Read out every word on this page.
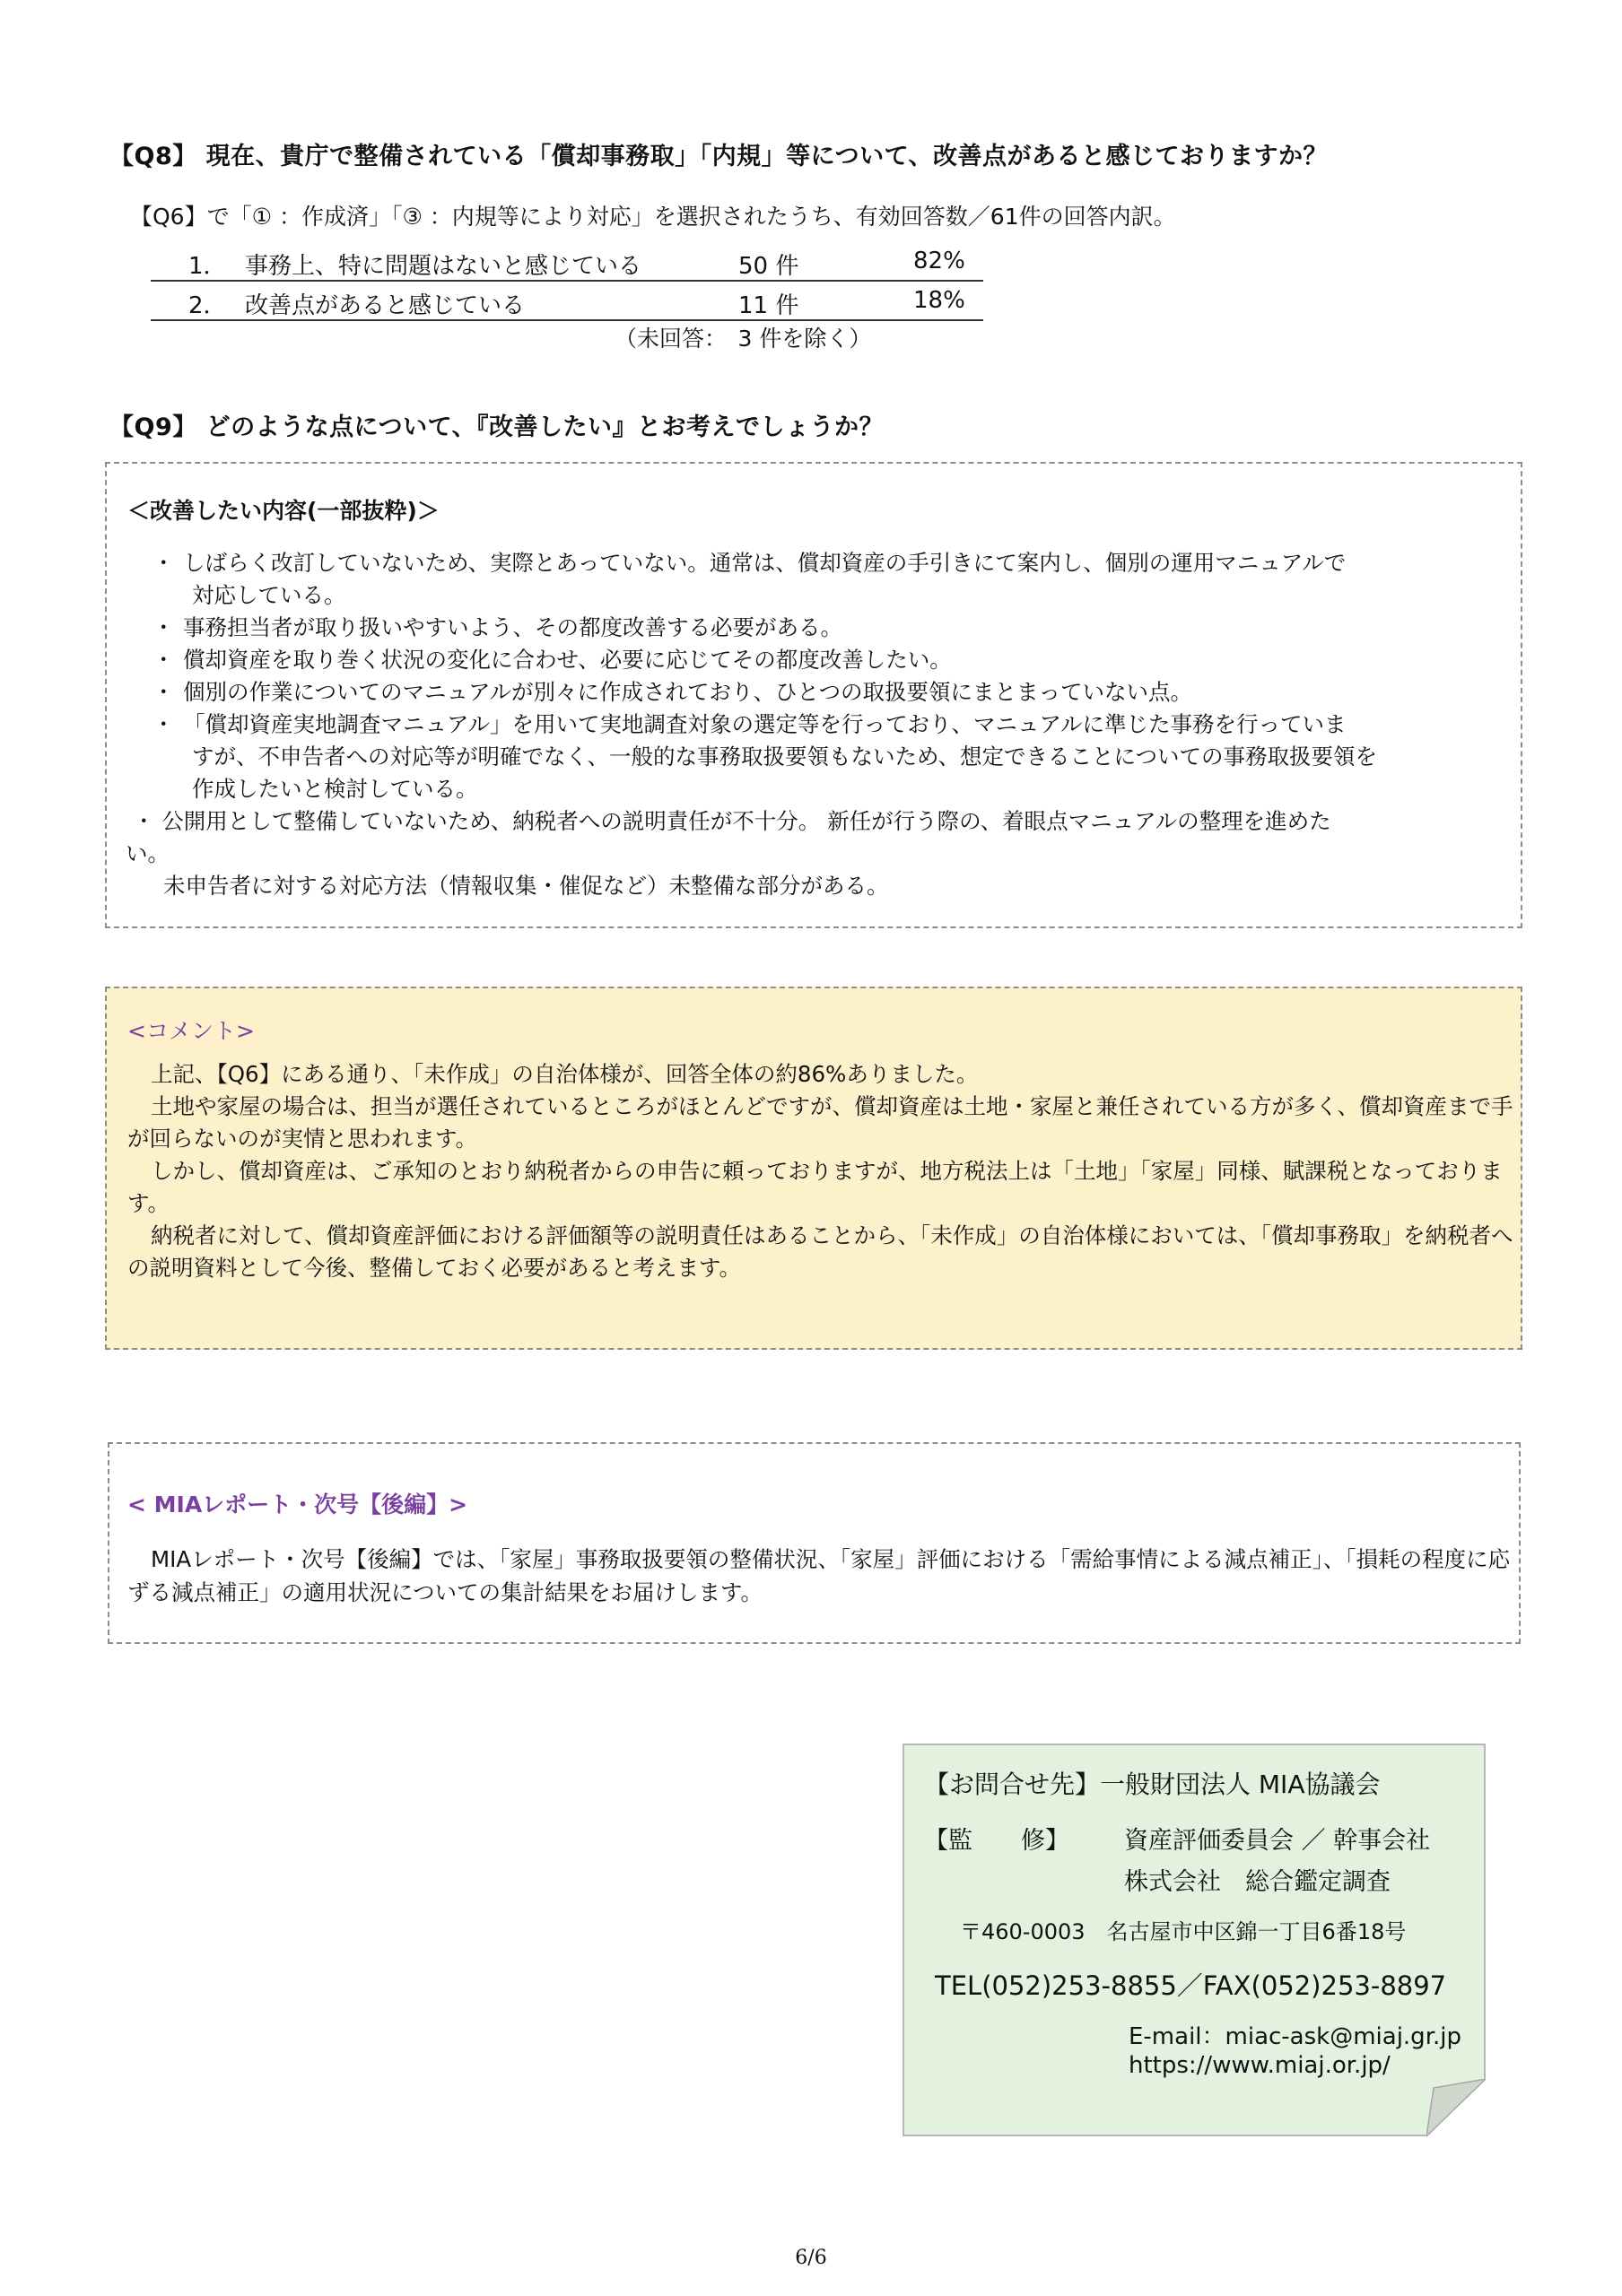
【Q8】 現在、貴庁で整備されている「償却事務取」「内規」等について、改善点があると感じておりますか？
【Q6】で「① ：作成済」「③ ：内規等により対応」を選択されたうち、有効回答数／61件の回答内訳。
1． 事務上、特に問題はないと感じている	50 件	82%
2． 改善点があると感じている	11 件	18%
（未回答：　3 件を除く）
【Q9】 どのような点について、『改善したい』とお考えでしょうか？
＜改善したい内容(一部抜粋)＞
・ しばらく改訂していないため、実際とあっていない。通常は、償却資産の手引きにて案内し、個別の運用マニュアルで
対応している。
・ 事務担当者が取り扱いやすいよう、その都度改善する必要がある。
・ 償却資産を取り巻く状況の変化に合わせ、必要に応じてその都度改善したい。
・ 個別の作業についてのマニュアルが別々に作成されており、ひとつの取扱要領にまとまっていない点。
・ 「償却資産実地調査マニュアル」を用いて実地調査対象の選定等を行っており、マニュアルに準じた事務を行っていま
すが、不申告者への対応等が明確でなく、一般的な事務取扱要領もないため、想定できることについての事務取扱要領を
作成したいと検討している。
・ 公開用として整備していないため、納税者への説明責任が不十分。 新任が行う際の、着眼点マニュアルの整理を進めた
い。
未申告者に対する対応方法（情報収集・催促など）未整備な部分がある。
<コメント>

上記、【Q6】にある通り、「未作成」の自治体様が、回答全体の約86%ありました。

土地や家屋の場合は、担当が選任されているところがほとんどですが、償却資産は土地・家屋と兼任されている方が多く、償却資産まで手が回らないのが実情と思われます。

しかし、償却資産は、ご承知のとおり納税者からの申告に頼っておりますが、地方税法上は「土地」「家屋」同様、賦課税となっております。

納税者に対して、償却資産評価における評価額等の説明責任はあることから、「未作成」の自治体様においては、「償却事務取」を納税者への説明資料として今後、整備しておく必要があると考えます。

< MIAレポート・次号【後編】>

MIAレポート・次号【後編】では、「家屋」事務取扱要領の整備状況、「家屋」評価における「需給事情による減点補正」、「損耗の程度に応ずる減点補正」の適用状況についての集計結果をお届けします。

【お問合せ先】一般財団法人 MIA協議会
【監　　修】 資産評価委員会 ／ 幹事会社
株式会社　総合鑑定調査
〒460-0003　名古屋市中区錦一丁目6番18号
TEL(052)253-8855／FAX(052)253-8897
E-mail：miac-ask@miaj.gr.jp
https://www.miaj.or.jp/
6/6
